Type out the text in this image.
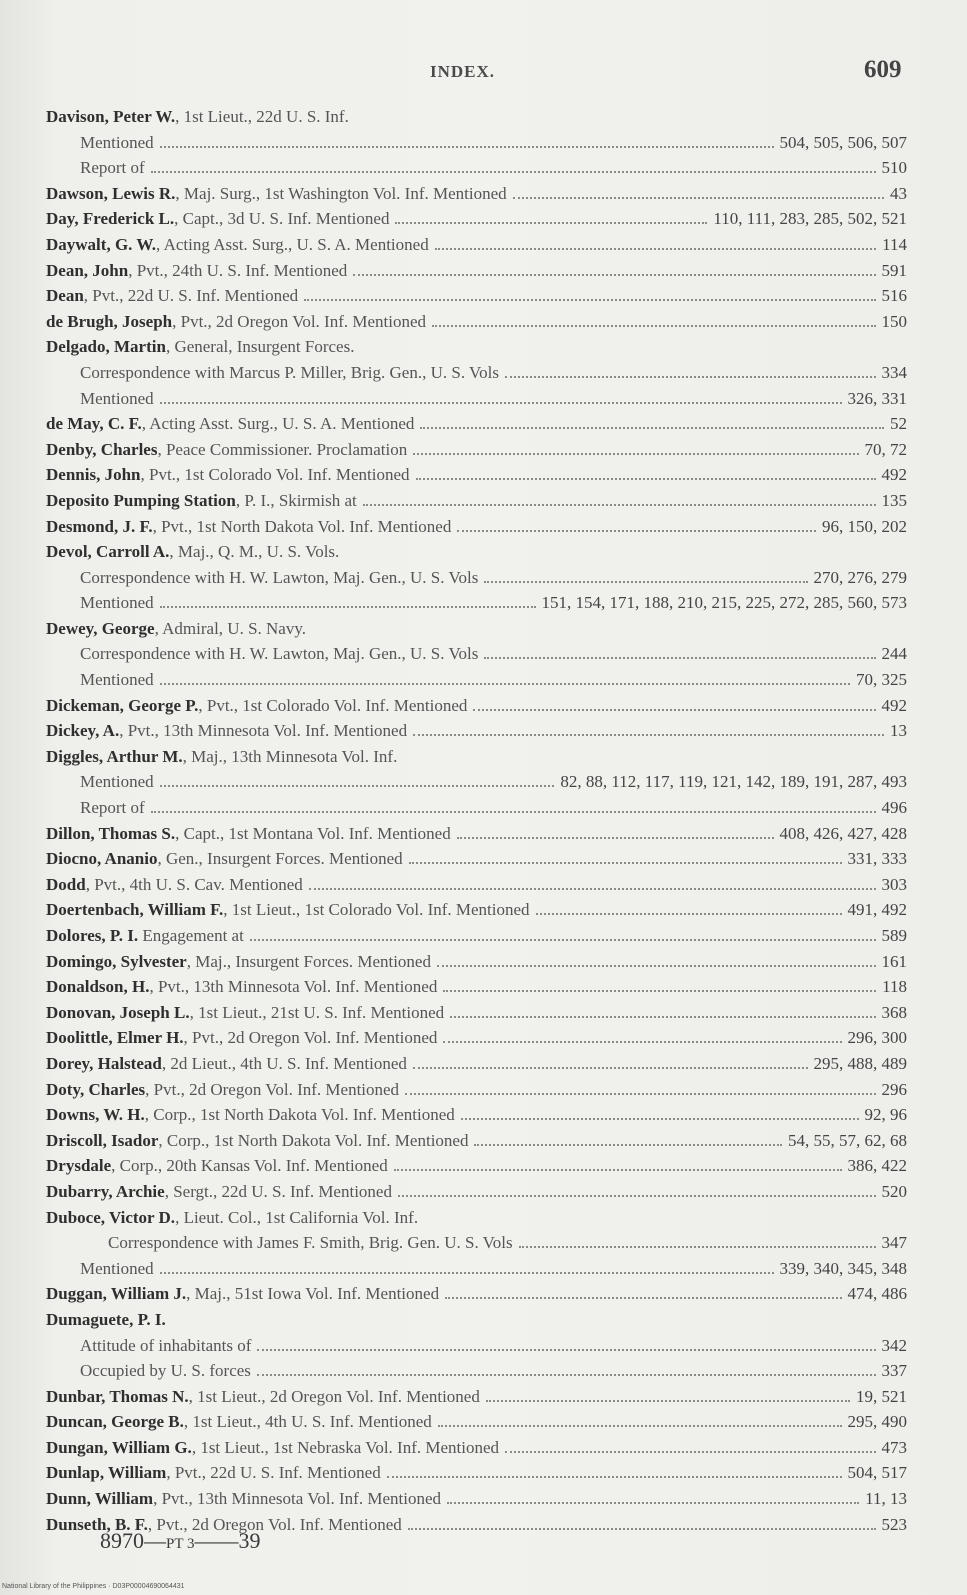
INDEX.	609
Davison, Peter W., 1st Lieut., 22d U. S. Inf.
Mentioned	504, 505, 506, 507
Report of	510
Dawson, Lewis R., Maj. Surg., 1st Washington Vol. Inf. Mentioned	43
Day, Frederick L., Capt., 3d U. S. Inf. Mentioned	110, 111, 283, 285, 502, 521
Daywalt, G. W., Acting Asst. Surg., U. S. A. Mentioned	114
Dean, John, Pvt., 24th U. S. Inf. Mentioned	591
Dean, Pvt., 22d U. S. Inf. Mentioned	516
de Brugh, Joseph, Pvt., 2d Oregon Vol. Inf. Mentioned	150
Delgado, Martin, General, Insurgent Forces.
Correspondence with Marcus P. Miller, Brig. Gen., U. S. Vols	334
Mentioned	326, 331
de May, C. F., Acting Asst. Surg., U. S. A. Mentioned	52
Denby, Charles, Peace Commissioner. Proclamation	70, 72
Dennis, John, Pvt., 1st Colorado Vol. Inf. Mentioned	492
Deposito Pumping Station, P. I., Skirmish at	135
Desmond, J. F., Pvt., 1st North Dakota Vol. Inf. Mentioned	96, 150, 202
Devol, Carroll A., Maj., Q. M., U. S. Vols.
Correspondence with H. W. Lawton, Maj. Gen., U. S. Vols	270, 276, 279
Mentioned	151, 154, 171, 188, 210, 215, 225, 272, 285, 560, 573
Dewey, George, Admiral, U. S. Navy.
Correspondence with H. W. Lawton, Maj. Gen., U. S. Vols	244
Mentioned	70, 325
Dickeman, George P., Pvt., 1st Colorado Vol. Inf. Mentioned	492
Dickey, A., Pvt., 13th Minnesota Vol. Inf. Mentioned	13
Diggles, Arthur M., Maj., 13th Minnesota Vol. Inf.
Mentioned	82, 88, 112, 117, 119, 121, 142, 189, 191, 287, 493
Report of	496
Dillon, Thomas S., Capt., 1st Montana Vol. Inf. Mentioned	408, 426, 427, 428
Diocno, Ananio, Gen., Insurgent Forces. Mentioned	331, 333
Dodd, Pvt., 4th U. S. Cav. Mentioned	303
Doertenbach, William F., 1st Lieut., 1st Colorado Vol. Inf. Mentioned	491, 492
Dolores, P. I. Engagement at	589
Domingo, Sylvester, Maj., Insurgent Forces. Mentioned	161
Donaldson, H., Pvt., 13th Minnesota Vol. Inf. Mentioned	118
Donovan, Joseph L., 1st Lieut., 21st U. S. Inf. Mentioned	368
Doolittle, Elmer H., Pvt., 2d Oregon Vol. Inf. Mentioned	296, 300
Dorey, Halstead, 2d Lieut., 4th U. S. Inf. Mentioned	295, 488, 489
Doty, Charles, Pvt., 2d Oregon Vol. Inf. Mentioned	296
Downs, W. H., Corp., 1st North Dakota Vol. Inf. Mentioned	92, 96
Driscoll, Isador, Corp., 1st North Dakota Vol. Inf. Mentioned	54, 55, 57, 62, 68
Drysdale, Corp., 20th Kansas Vol. Inf. Mentioned	386, 422
Dubarry, Archie, Sergt., 22d U. S. Inf. Mentioned	520
Duboce, Victor D., Lieut. Col., 1st California Vol. Inf.
Correspondence with James F. Smith, Brig. Gen. U. S. Vols	347
Mentioned	339, 340, 345, 348
Duggan, William J., Maj., 51st Iowa Vol. Inf. Mentioned	474, 486
Dumaguete, P. I.
Attitude of inhabitants of	342
Occupied by U. S. forces	337
Dunbar, Thomas N., 1st Lieut., 2d Oregon Vol. Inf. Mentioned	19, 521
Duncan, George B., 1st Lieut., 4th U. S. Inf. Mentioned	295, 490
Dungan, William G., 1st Lieut., 1st Nebraska Vol. Inf. Mentioned	473
Dunlap, William, Pvt., 22d U. S. Inf. Mentioned	504, 517
Dunn, William, Pvt., 13th Minnesota Vol. Inf. Mentioned	11, 13
Dunseth, B. F., Pvt., 2d Oregon Vol. Inf. Mentioned	523
8970—PT 3——39
National Library of the Philippines · D03P00004690064431
